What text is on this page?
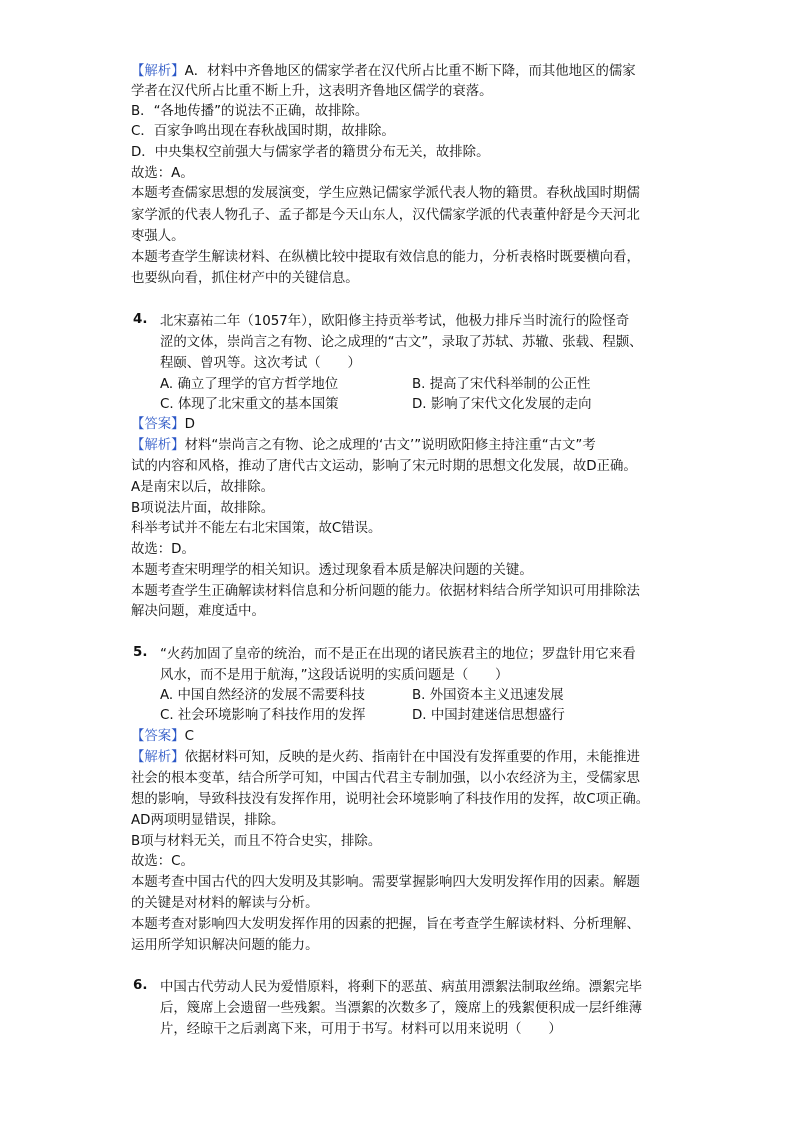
【解析】A．材料中齐鲁地区的儒家学者在汉代所占比重不断下降，而其他地区的儒家
学者在汉代所占比重不断上升，这表明齐鲁地区儒学的衰落。
B．“各地传播”的说法不正确，故排除。
C．百家争鸣出现在春秋战国时期，故排除。
D．中央集权空前强大与儒家学者的籍贯分布无关，故排除。
故选：A。
本题考查儒家思想的发展演变，学生应熟记儒家学派代表人物的籍贯。春秋战国时期儒
家学派的代表人物孔子、孟子都是今天山东人，汉代儒家学派的代表董仲舒是今天河北
枣强人。
本题考查学生解读材料、在纵横比较中提取有效信息的能力，分析表格时既要横向看，
也要纵向看，抓住材产中的关键信息。
4. 北宋嘉祐二年（1057年），欧阳修主持贡举考试，他极力排斥当时流行的险怪奇
涩的文体，崇尚言之有物、论之成理的“古文”，录取了苏轼、苏辙、张载、程颢、
程颐、曾巩等。这次考试（　　）
A. 确立了理学的官方哲学地位	B. 提高了宋代科举制的公正性
C. 体现了北宋重文的基本国策	D. 影响了宋代文化发展的走向
【答案】D
【解析】材料“崇尚言之有物、论之成理的‘古文’”说明欧阳修主持注重“古文”考
试的内容和风格，推动了唐代古文运动，影响了宋元时期的思想文化发展，故D正确。
A是南宋以后，故排除。
B项说法片面，故排除。
科举考试并不能左右北宋国策，故C错误。
故选：D。
本题考查宋明理学的相关知识。透过现象看本质是解决问题的关键。
本题考查学生正确解读材料信息和分析问题的能力。依据材料结合所学知识可用排除法
解决问题，难度适中。
5. “火药加固了皇帝的统治，而不是正在出现的诸民族君主的地位；罗盘针用它来看
风水，而不是用于航海，”这段话说明的实质问题是（　　）
A. 中国自然经济的发展不需要科技	B. 外国资本主义迅速发展
C. 社会环境影响了科技作用的发挥	D. 中国封建迷信思想盛行
【答案】C
【解析】依据材料可知，反映的是火药、指南针在中国没有发挥重要的作用，未能推进
社会的根本变革，结合所学可知，中国古代君主专制加强，以小农经济为主，受儒家思
想的影响，导致科技没有发挥作用，说明社会环境影响了科技作用的发挥，故C项正确。
AD两项明显错误，排除。
B项与材料无关，而且不符合史实，排除。
故选：C。
本题考查中国古代的四大发明及其影响。需要掌握影响四大发明发挥作用的因素。解题
的关键是对材料的解读与分析。
本题考查对影响四大发明发挥作用的因素的把握，旨在考查学生解读材料、分析理解、
运用所学知识解决问题的能力。
6. 中国古代劳动人民为爱惜原料，将剩下的恶茧、病茧用漂絮法制取丝绵。漂絮完毕
后，篾席上会遗留一些残絮。当漂絮的次数多了，篾席上的残絮便积成一层纤维薄
片，经晾干之后剥离下来，可用于书写。材料可以用来说明（　　）
